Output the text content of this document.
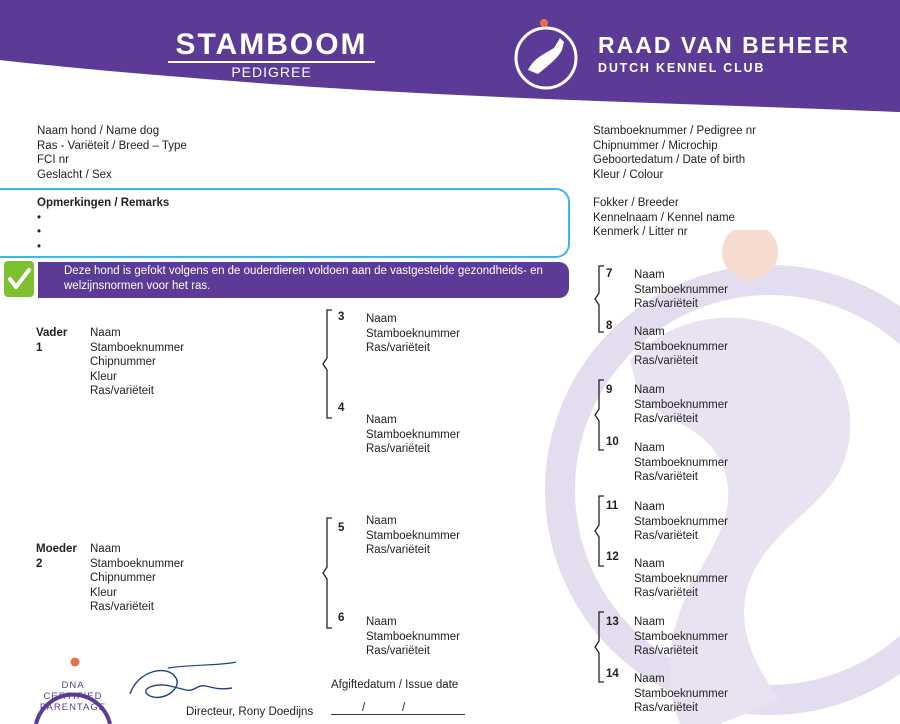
STAMBOOM
PEDIGREE
RAAD VAN BEHEER
DUTCH KENNEL CLUB
Naam hond / Name dog
Ras - Variëteit / Breed – Type
FCI nr
Geslacht / Sex
Stamboeknummer / Pedigree nr
Chipnummer / Microchip
Geboortedatum / Date of birth
Kleur / Colour
Opmerkingen / Remarks
•
•
•
Fokker / Breeder
Kennelnaam / Kennel name
Kenmerk / Litter nr
Deze hond is gefokt volgens en de ouderdieren voldoen aan de vastgestelde gezondheids- en welzijnsnormen voor het ras.
Vader
1
Naam
Stamboeknummer
Chipnummer
Kleur
Ras/variëteit
Moeder
2
Naam
Stamboeknummer
Chipnummer
Kleur
Ras/variëteit
3 Naam
Stamboeknummer
Ras/variëteit
4
Naam
Stamboeknummer
Ras/variëteit
5
Naam
Stamboeknummer
Ras/variëteit
6 Naam
Stamboeknummer
Ras/variëteit
7 Naam
Stamboeknummer
Ras/variëteit
8 Naam
Stamboeknummer
Ras/variëteit
9 Naam
Stamboeknummer
Ras/variëteit
10 Naam
Stamboeknummer
Ras/variëteit
11 Naam
Stamboeknummer
Ras/variëteit
12
Naam
Stamboeknummer
Ras/variëteit
13 Naam
Stamboeknummer
Ras/variëteit
14 Naam
Stamboeknummer
Ras/variëteit
DNA
CERTIFIED
PARENTAGE	Directeur, Rony Doedijns
Afgiftedatum / Issue date
/	/
